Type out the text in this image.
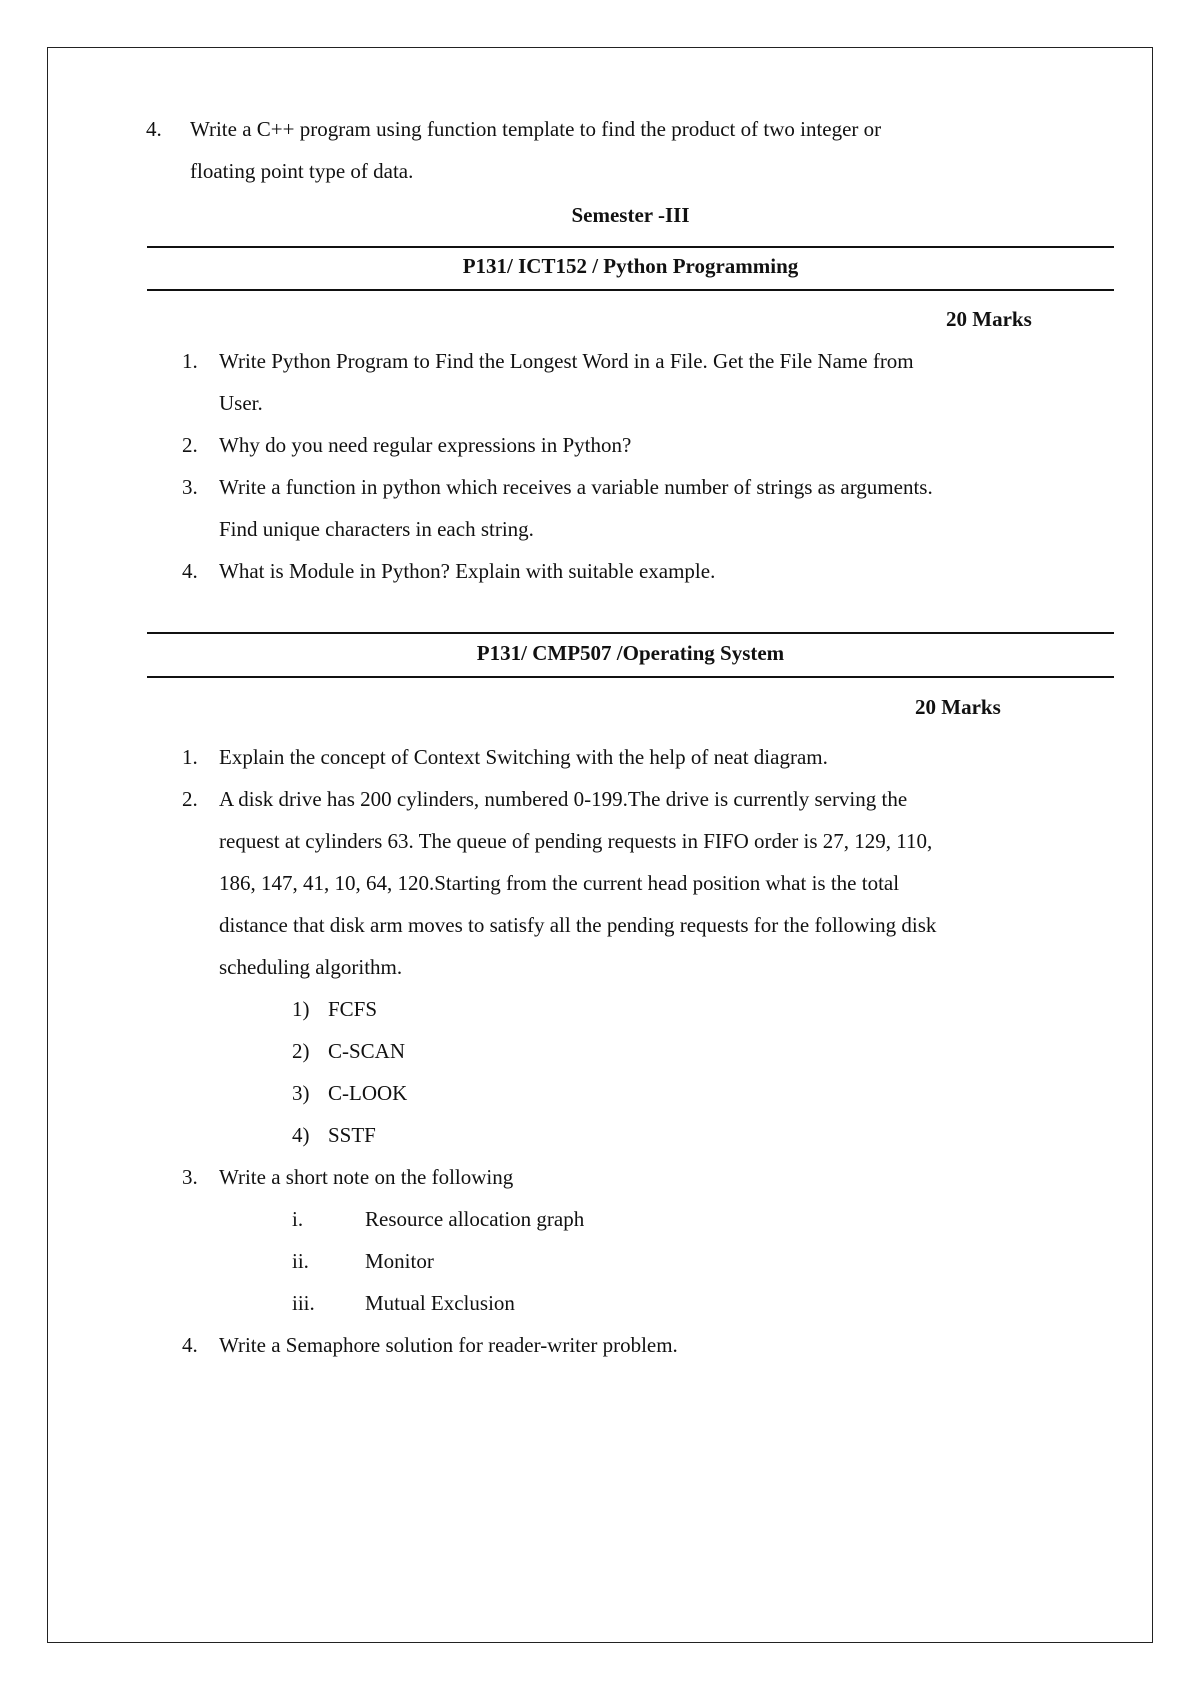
4. Write a C++ program using function template to find the product of two integer or
floating point type of data.
Semester -III
P131/ ICT152 / Python Programming
20 Marks
1. Write Python Program to Find the Longest Word in a File. Get the File Name from
User.
2. Why do you need regular expressions in Python?
3. Write a function in python which receives a variable number of strings as arguments.
Find unique characters in each string.
4. What is Module in Python? Explain with suitable example.
P131/ CMP507 /Operating System
20 Marks
1. Explain the concept of Context Switching with the help of neat diagram.
2. A disk drive has 200 cylinders, numbered 0-199.The drive is currently serving the
request at cylinders 63. The queue of pending requests in FIFO order is 27, 129, 110,
186, 147, 41, 10, 64, 120.Starting from the current head position what is the total
distance that disk arm moves to satisfy all the pending requests for the following disk
scheduling algorithm.
1) FCFS
2) C-SCAN
3) C-LOOK
4) SSTF
3. Write a short note on the following
i.	Resource allocation graph
ii.	Monitor
iii. Mutual Exclusion
4. Write a Semaphore solution for reader-writer problem.
